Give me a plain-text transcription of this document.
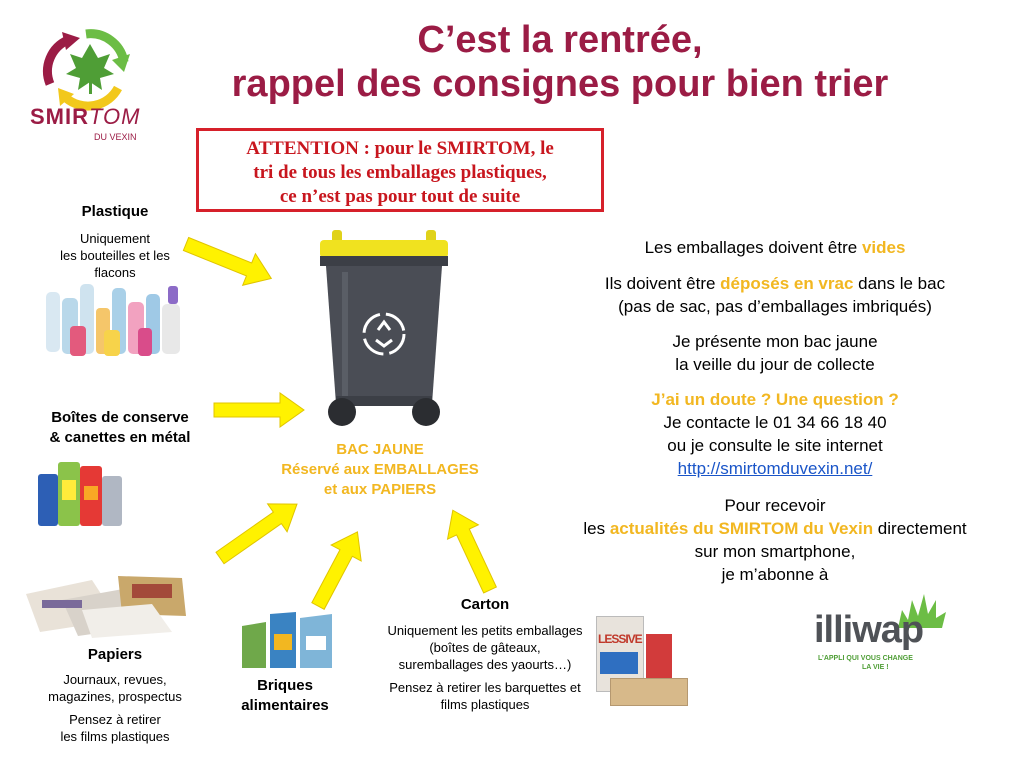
SMIRTOM
DU VEXIN
C’est la rentrée,
rappel des consignes pour bien trier
ATTENTION : pour le SMIRTOM, le
tri de tous les emballages plastiques,
ce n’est pas pour tout de suite
Plastique
Uniquement
les bouteilles et les
flacons
Boîtes de conserve
& canettes en métal
Papiers
Journaux, revues,
magazines, prospectus
Pensez à retirer
les films plastiques
Briques
alimentaires
Carton
Uniquement les petits emballages
(boîtes de gâteaux,
suremballages des yaourts…)
Pensez à retirer les barquettes et
films plastiques
LESSIVE
BAC JAUNE
Réservé aux EMBALLAGES
et aux PAPIERS
Les emballages doivent être vides
Ils doivent être déposés en vrac dans le bac
(pas de sac, pas d’emballages imbriqués)
Je présente mon bac jaune
la veille du jour de collecte
J’ai un doute ? Une question ?
Je contacte le 01 34 66 18 40
ou je consulte le site internet
http://smirtomduvexin.net/
Pour recevoir
les actualités du SMIRTOM du Vexin directement
sur mon smartphone,
je m’abonne à
illiwap
L’APPLI QUI VOUS CHANGE
LA VIE !
